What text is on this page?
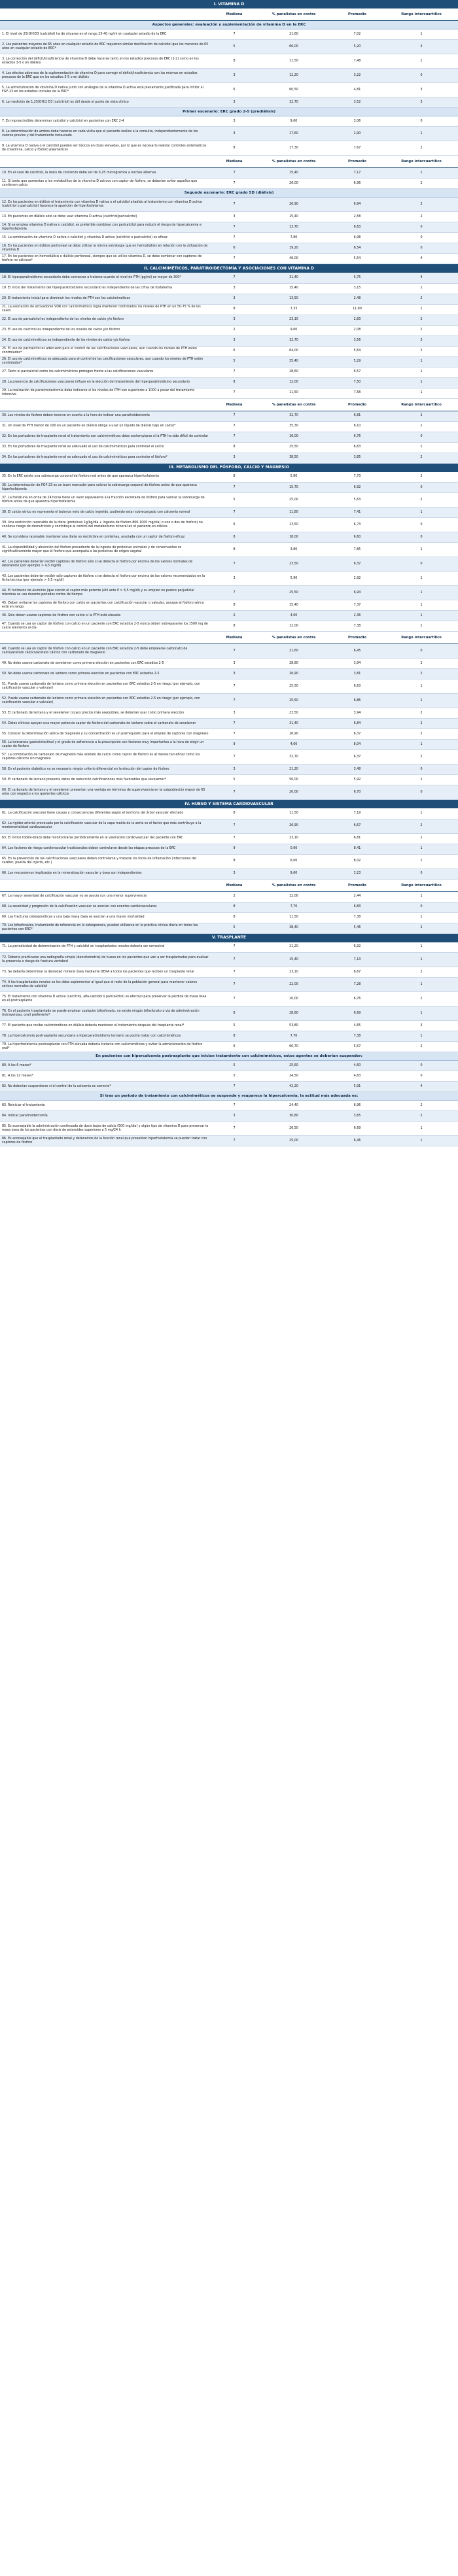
I. VITAMINA D				
	Mediana	% panelistas en contra	Promedio	Rango intercuartílico
Aspectos generales: evaluación y suplementación de vitamina D en la ERC				
1. El nivel de 25(OH)D3 (calcidiol) ha de situarse en el rango 25-40 ng/ml en cualquier estadio de la ERC	7	21,60	7,02	1
2. Los pacientes mayores de 65 años en cualquier estadio de ERC requieren similar dosificación de calcidiol que los menores de 65 años en cualquier estadio de ERC*	5	66,00	5,20	4
3. La corrección del déficit/insuficiencia de vitamina D debe hacerse tanto en los estadios precoces de ERC (1-2) como en los estadios 3-5 o en diálisis	8	11,50	7,48	1
4. Los efectos adversos de la suplementación de vitamina D para corregir el déficit/insuficiencia son los mismos en estadios precoces de la ERC que en los estadios 3-5 o en diálisis	3	12,20	3,22	0
5. La administración de vitamina D nativa junto con análogos de la vitamina D activa está plenamente justificada para inhibir al FGF-23 en los estadios iniciales de la ERC*	6	60,50	4,81	3
6. La medición de 1,25(OH)2 D3 (calcitriol) es útil desde el punto de vista clínico	3	32,70	3,52	3
Primer escenario: ERC grado 2-5 (prediálisis)				
7. Es imprescindible determinar calcidiol y calcitriol en pacientes con ERC 2-4	3	9,60	3,06	0
8. La determinación de ambos debe hacerse en cada visita que el paciente realice a la consulta, independientemente de los valores previos y del tratamiento instaurado	3	17,60	2,90	1
9. La vitamina D nativa o el calcidiol pueden ser tóxicos en dosis elevadas, por lo que es necesario realizar controles sistemáticos de creatinina, calcio y fósforo plasmáticos	8	17,30	7,67	2
	Mediana	% panelistas en contra	Promedio	Rango intercuartílico
10. En el caso de calcitriol, la dosis de comienzo debe ser de 0,25 microgramos a noches alternas	7	15,40	7,17	1
11. Si tanto que aumentan a los metabolitos de la vitamina D activos con captor de fósforo, se deberían evitar aquellos que contienen calcio	7	26,00	6,96	2
Segundo escenario: ERC grado 5D (diálisis)				
12. En los pacientes en diálisis el tratamiento con vitamina D nativa o el calcidiol añadido al tratamiento con vitamina D activa (calcitriol o paricalcitol) favorece la aparición de hiperfosfatemia	7	26,90	6,94	2
13. En pacientes en diálisis sólo se debe usar vitamina D activa (calcitriol/paricalcitol)	3	15,40	2,58	2
14. Si se emplea vitamina D nativa o calcidiol, es preferible combinar con paricalcitol para reducir el riesgo de hipercalcemia e hiperfosfatemia	7	13,70	6,63	0
15. La combinación de vitamina D nativa o calcidiol y vitamina D activa (calcitriol o paricalcitol) es eficaz	7	7,80	6,98	0
16. En los pacientes en diálisis peritoneal se debe utilizar la misma estrategia que en hemodiálisis en relación con la utilización de vitamina D	6	19,20	6,54	0
17. En los pacientes en hemodiálisis o diálisis peritoneal, siempre que se utilice vitamina D, se debe combinar con captores de fósforo no cálcicos*	7	46,00	5,54	4
II. CALCIMIMÉTICOS, PARATIROIDECTOMÍA Y ASOCIACIONES CON VITAMINA D				
18. El hiperparatiroidismo secundario debe comenzar a tratarse cuando el nivel de PTH (pg/ml) es mayor de 300*	7	31,40	5,75	4
19. El inicio del tratamiento del hiperparatiroidismo secundario es independiente de las cifras de fosfatemia	3	15,40	3,15	1
20. El tratamiento inicial para disminuir los niveles de PTH son los calcimiméticos	3	13,50	2,48	2
21. La asociación de activadores VDR con calcimiméticos logra mantener controlados los niveles de PTH en un 50-75 % de los casos	8	7,33	11,80	1
22. El uso de paricalcitol es independiente de los niveles de calcio y/o fósforo	3	23,10	2,83	2
23. El uso de calcitriol es independiente de los niveles de calcio y/o fósforo	2	9,60	2,08	2
24. El uso de calcimiméticos es independiente de los niveles de calcio y/o fósforo	3	32,70	3,56	3
25. El uso de paricalcitol es adecuado para el control de las calcificaciones vasculares, aun cuando los niveles de PTH estén controlados*	6	64,00	5,64	2
26. El uso de calcimiméticos es adecuado para el control de las calcificaciones vasculares, aun cuando los niveles de PTH estén controlados*	5	35,40	5,29	1
27. Tanto el paricalcitol como los calcimiméticos protegen frente a las calcificaciones vasculares	7	28,60	6,57	1
28. La presencia de calcificaciones vasculares influye en la elección del tratamiento del hiperparatiroidismo secundario	8	12,00	7,50	1
29. La realización de paratiroidectomía debe indicarse si los niveles de PTH son superiores a 1000 a pesar del tratamiento intensivo	7	11,50	7,58	1
	Mediana	% panelistas en contra	Promedio	Rango intercuartílico
30. Los niveles de fósforo deben tenerse en cuenta a la hora de indicar una paratiroidectomía	7	32,70	6,81	2
31. Un nivel de PTH menor de 100 en un paciente en diálisis obliga a usar un líquido de diálisis bajo en calcio*	7	35,30	6,10	1
32. En los portadores de trasplante renal el tratamiento con calcimiméticos debe contemplarse si la PTH ha sido difícil de controlar	7	16,00	6,76	0
33. En los portadores de trasplante renal es adecuado el uso de calcimiméticos para controlar el calcio	8	25,50	6,63	1
34. En los portadores de trasplante renal es adecuado el uso de calcimiméticos para controlar el fósforo*	3	38,50	3,85	2
III. METABOLISMO DEL FÓSFORO, CALCIO Y MAGNESIO				
35. En la ERC existe una sobrecarga corporal de fósforo real antes de que aparezca hiperfosfatemia	8	5,80	7,73	2
36. La determinación de FGF-23 es un buen marcador para valorar la sobrecarga corporal de fósforo antes de que aparezca hiperfosfatemia	7	15,70	6,92	0
37. La fosfaturia en orina de 24 horas tiene un valor equivalente a la fracción excretada de fósforo para valorar la sobrecarga de fósforo antes de que aparezca hiperfosfatemia	5	25,00	5,63	2
38. El calcio sérico no representa el balance neto de calcio ingerido, pudiendo estar sobrecargado con calcemia normal	7	11,80	7,41	1
39. Una restricción razonable de la dieta (proteínas 1g/kg/día + ingesta de fósforo 800-1000 mg/día) o uno o dos de fósforo) no conlleva riesgo de desnutrición y contribuye al control del metabolismo mineral en el paciente en diálisis	6	23,50	6,73	0
40. Se considera razonable mantener una dieta no restrictiva en proteínas, asociada con un captor de fósforo eficaz	8	18,00	6,60	0
41. La disponibilidad y absorción del fósforo procedente de la ingesta de proteínas animales y de conservantes es significativamente mayor que el fósforo que acompaña a las proteínas de origen vegetal	8	3,80	7,85	1
42. Los pacientes deberían recibir captores de fósforo sólo si se detecta el fósforo por encima de los valores normales de laboratorio (por ejemplo > 4,5 mg/dl)	7	23,50	6,37	0
43. Los pacientes deberían recibir sólo captores de fósforo si se detecta el fósforo por encima de los valores recomendados en la ficha técnica (por ejemplo > 5,5 mg/dl)	3	5,90	2,92	1
44. El hidróxido de aluminio (que siendo el captor más potente (útil ante P > 6,5 mg/dl) y su empleo no parece perjudicial mientras se use durante periodos cortos de tiempo	7	25,50	6,94	1
45. Deben evitarse los captores de fósforo con calcio en pacientes con calcificación vascular o valvular, aunque el fósforo sérico esté en rango	8	15,40	7,37	1
46. Sólo deben usarse captores de fósforo con calcio si la PTH está elevada	2	4,00	2,36	1
47. Cuando se usa un captor de fósforo con calcio en un paciente con ERC estadios 2-5 nunca deben sobrepasarse los 1500 mg de calcio elemento al día	8	12,00	7,38	1
	Mediana	% panelistas en contra	Promedio	Rango intercuartílico
48. Cuando se usa un captor de fósforo con calcio en un paciente con ERC estadios 2-5 debe emplearse carbonato de calcio/acetato cálcico/acetato cálcico con carbonato de magnesio	7	21,60	6,45	0
49. No debe usarse carbonato de sevelamer como primera elección en pacientes con ERC estadios 2-5	3	28,80	3,94	2
50. No debe usarse carbonato de lantano como primera elección en pacientes con ERC estadios 2-5	3	26,90	3,81	2
51. Puede usarse carbonato de lantano como primera elección en pacientes con ERC estadios 2-5 en riesgo (por ejemplo, con calcificación vascular o valvular)	7	25,50	6,63	1
52. Puede usarse carbonato de lantano como primera elección en pacientes con ERC estadios 2-5 en riesgo (por ejemplo, con calcificación vascular o valvular)	7	25,50	6,86	1
53. El carbonato de lantano y el sevelamer (cuyos precios más asequibles, se deberían usar como primera elección	3	23,50	3,94	2
54. Datos clínicos apoyan una mayor potencia captor de fósforo del carbonato de lantano sobre el carbonato de sevelamer	7	31,40	6,84	2
55. Conocer la determinación sérica de magnesio y su concentración es un prerrequisito para el empleo de captores con magnesio	7	26,90	6,37	2
56. La tolerancia gastrointestinal y el grado de adherencia a la prescripción son factores muy importantes a la hora de elegir un captor de fósforo	9	4,00	8,04	1
57. La combinación de carbonato de magnesio más acetato de calcio como captor de fósforo es al menos tan eficaz como los captores cálcicos sin magnesio	7	32,70	6,37	2
58. En el paciente diabético no es necesario ningún criterio diferencial en la elección del captor de fósforo	3	21,20	3,48	0
59. El carbonato de lantano presenta datos de reducción calcificaciones más favorables que sevelamer*	5	50,00	5,92	2
60. El carbonato de lantano y el sevelamer presentan una ventaja en términos de supervivencia en la subpoblación mayor de 65 años con respecto a los quelantes cálcicos	7	20,00	6,70	0
IV. HUESO Y SISTEMA CARDIOVASCULAR				
61. La calcificación vascular tiene causas y consecuencias diferentes según el territorio del árbol vascular afectado	8	11,50	7,19	1
62. La rigidez arterial provocada por la calcificación vascular de la capa media de la aorta es el factor que más contribuye a la morbimortalidad cardiovascular	7	26,90	6,67	2
63. El índice tobillo-brazo debe monitorizarse periódicamente en la valoración cardiovascular del paciente con ERC	7	23,10	6,81	1
64. Los factores de riesgo cardiovascular tradicionales deben controlarse desde las etapas precoces de la ERC	9	0,00	8,41	1
65. En la prevención de las calcificaciones vasculares deben controlarse y tratarse los focos de inflamación (infecciones del catéter, puesta del injerto, etc.)	8	6,00	8,02	1
66. Los mecanismos implicados en la mineralización vascular y ósea son independientes	3	9,60	3,23	0
	Mediana	% panelistas en contra	Promedio	Rango intercuartílico
67. La mayor severidad de calcificación vascular no se asocia con una menor supervivencia	2	12,00	2,44	1
68. La severidad y progresión de la calcificación vascular se asocian con eventos cardiovasculares	8	7,70	6,83	0
69. Las fracturas osteoporóticas y una baja masa ósea se asocian a una mayor mortalidad	8	11,50	7,38	1
70. Los bifosfonatos, tratamiento de referencia en la osteoporosis, pueden utilizarse en la práctica clínica diaria en todos los pacientes con ERC*	5	38,40	5,46	2
V. TRASPLANTE				
71. La periodicidad de determinación de PTH y calcidiol en trasplantados renales debería ser semestral	7	21,20	6,92	1
72. Debería practicarse una radiografía simple (densitometría) de hueso en los pacientes que van a ser trasplantados para evaluar la presencia o riesgo de fractura vertebral	7	15,40	7,13	1
73. Se debería determinar la densidad mineral ósea mediante DEXA a todos los pacientes que reciben un trasplante renal	7	23,10	6,67	2
74. A los trasplantados renales se les debe suplementar al igual que al resto de la población general para mantener valores séricos normales de calcidiol	7	22,00	7,28	1
75. El tratamiento con vitamina D activa (calcitriol, alfa-calcidol o paricalcitol) es efectivo para preservar la pérdida de masa ósea en el postrasplante	7	20,00	6,76	1
76. En el paciente trasplantado se puede emplear cualquier bifosfonato, no existe ningún bifosfonato o vía de administración (intravenoso, oral) preferente*	8	28,80	6,69	1
77. El paciente que recibe calcimiméticos en diálisis debería mantener el tratamiento después del trasplante renal*	5	53,80	4,65	3
78. La hipercalcemia postrasplante secundaria a hiperparatiroidismo terciario se podría tratar con calcimiméticos	8	7,70	7,38	1
79. La hiperfosfatemia postrasplante con PTH elevada debería tratarse con calcimiméticos y evitar la administración de fósforo oral*	6	60,70	5,57	2
En pacientes con hipercalcemia postrasplante que inician tratamiento con calcimiméticos, estos agentes se deberían suspender:				
80. A los 6 meses*	5	25,60	4,60	0
81. A los 12 meses*	5	24,50	4,63	0
82. No deberían suspenderse si el control de la calcemia es correcto*	7	42,20	5,91	4
Si tras un periodo de tratamiento con calcimiméticos se suspende y reaparece la hipercalcemia, la actitud más adecuada es:				
83. Reiniciar el tratamiento	7	24,40	6,96	2
84. Indicar paratiroidectomía	3	30,80	3,65	2
85. Es aconsejable la administración continuada de dosis bajas de calcio (500 mg/día) y algún tipo de vitamina D para preservar la masa ósea de los pacientes con dosis de esteroides superiores a 5 mg/24 h	7	26,50	6,69	1
86. Es aconsejable que el trasplantado renal y detenemos de la función renal que presenten hiperfosfatemia se pueden tratar con captores de fósforo	7	25,00	6,46	1
